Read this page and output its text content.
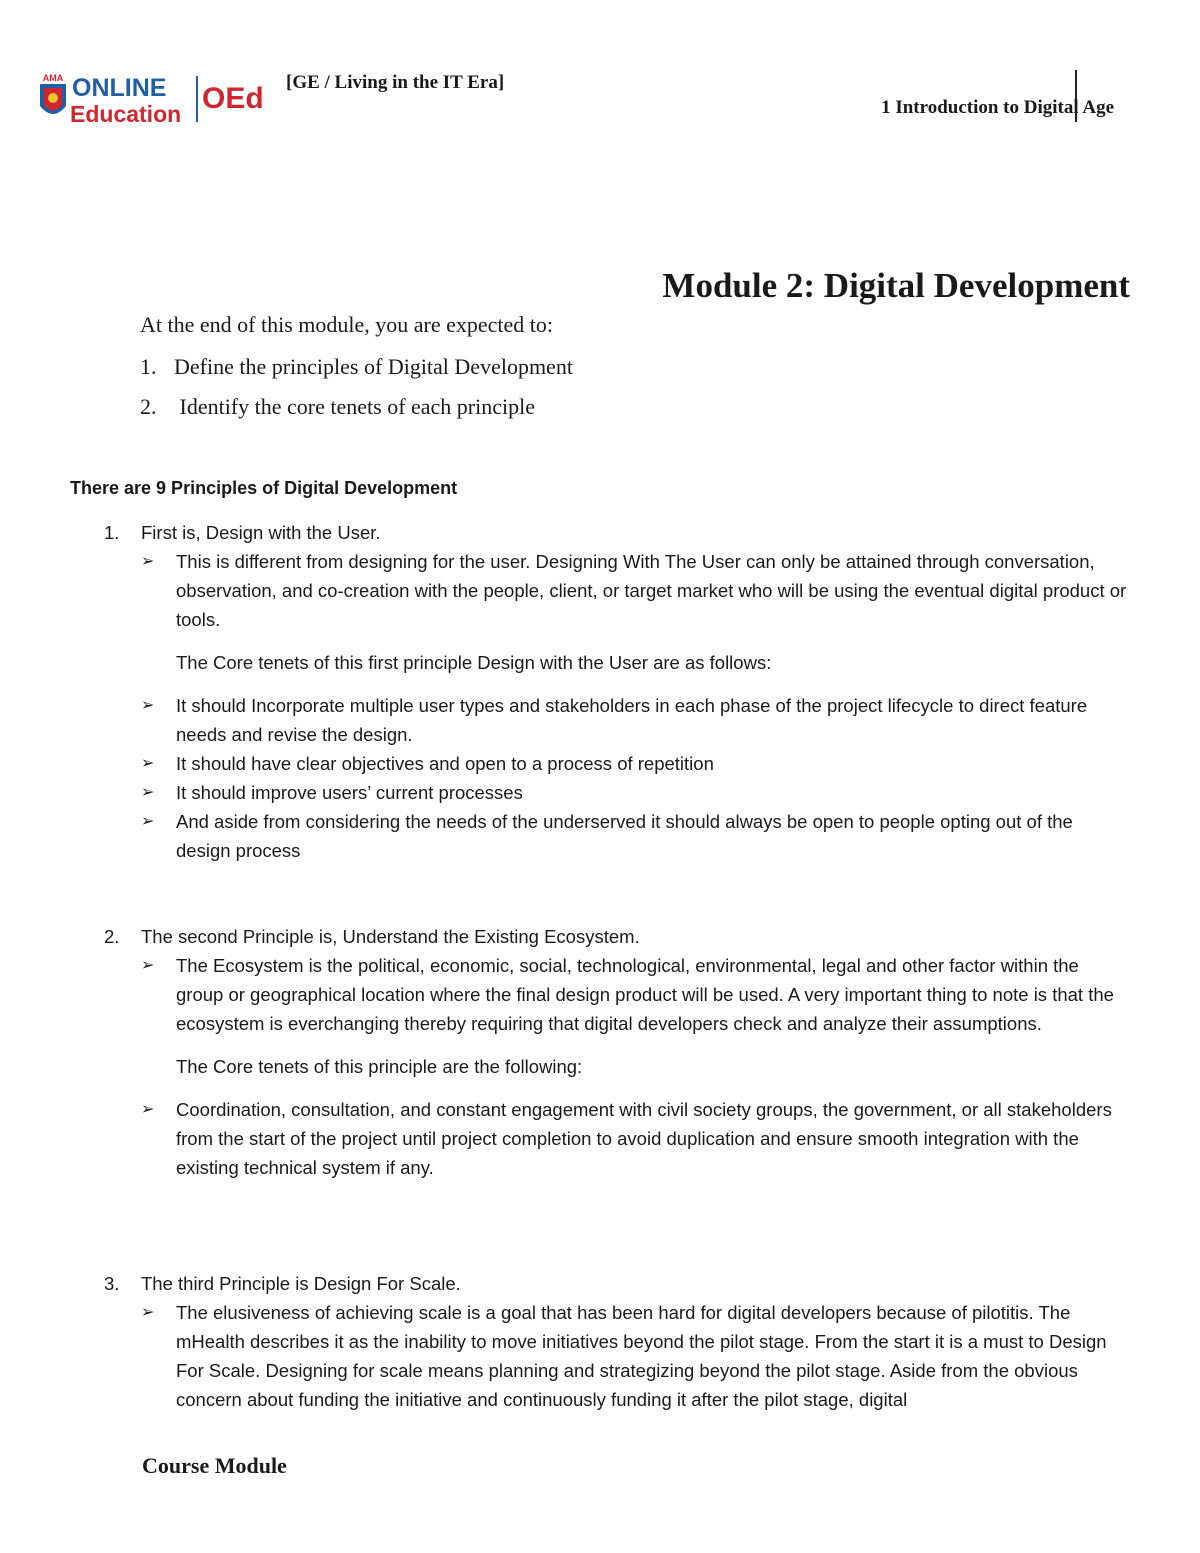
AMA ONLINE
Education OEd [GE / Living in the IT Era]
1 Introduction to Digital Age
Module 2: Digital Development
At the end of this module, you are expected to:
1. Define the principles of Digital Development
2. Identify the core tenets of each principle
There are 9 Principles of Digital Development
1.	First is, Design with the User.
➢	This is different from designing for the user. Designing With The User can only be attained through conversation, observation, and co-creation with the people, client, or target market who will be using the eventual digital product or tools.
The Core tenets of this first principle Design with the User are as follows:
➢	It should Incorporate multiple user types and stakeholders in each phase of the project lifecycle to direct feature needs and revise the design.
➢	It should have clear objectives and open to a process of repetition
➢	It should improve users’ current processes
➢	And aside from considering the needs of the underserved it should always be open to people opting out of the design process
2.	The second Principle is, Understand the Existing Ecosystem.
➢	The Ecosystem is the political, economic, social, technological, environmental, legal and other factor within the group or geographical location where the final design product will be used. A very important thing to note is that the ecosystem is everchanging thereby requiring that digital developers check and analyze their assumptions.
The Core tenets of this principle are the following:
➢	Coordination, consultation, and constant engagement with civil society groups, the government, or all stakeholders from the start of the project until project completion to avoid duplication and ensure smooth integration with the existing technical system if any.
3.	The third Principle is Design For Scale.
➢	The elusiveness of achieving scale is a goal that has been hard for digital developers because of pilotitis. The mHealth describes it as the inability to move initiatives beyond the pilot stage. From the start it is a must to Design For Scale. Designing for scale means planning and strategizing beyond the pilot stage. Aside from the obvious concern about funding the initiative and continuously funding it after the pilot stage, digital
Course Module
